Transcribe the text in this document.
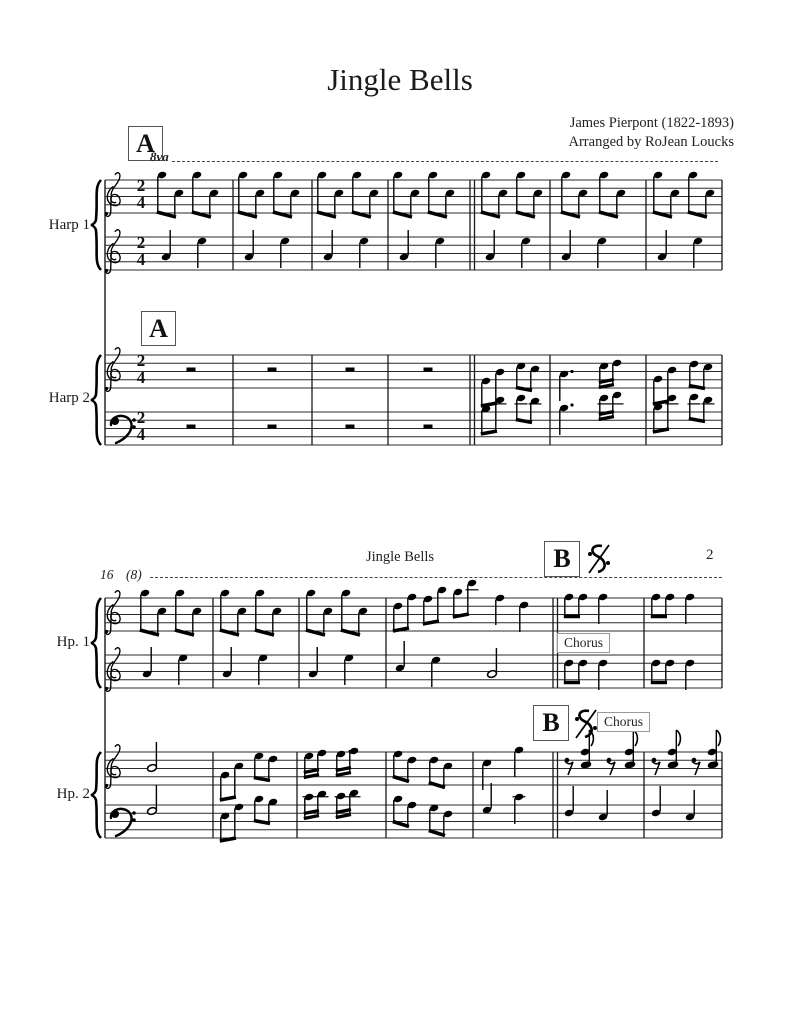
Jingle Bells
James Pierpont (1822-1893)
Arranged by RoJean Loucks
A
A
8va
Harp 1
Harp 2
2
4
2
4
2
4
2
4
Jingle Bells	B	2
16 (8)
Hp. 1
Hp. 2
Chorus
Chorus
B
